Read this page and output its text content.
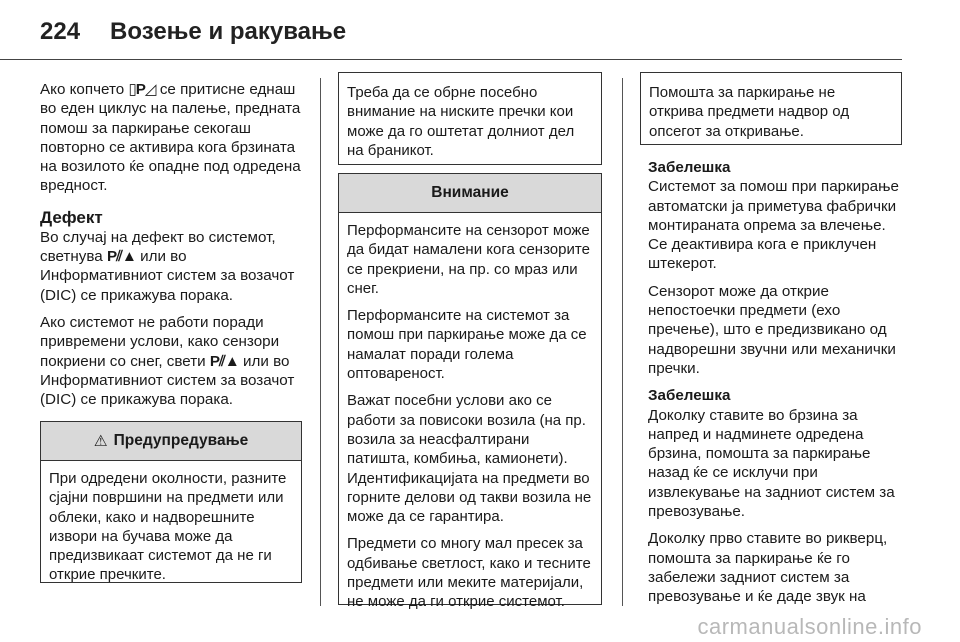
224 Возење и ракување

Ако копчето ▯P◿ се притисне еднаш во еден циклус на палење, предната помош за паркирање секогаш повторно се активира кога брзината на возилото ќе опадне под одредена вредност.

Дефект

Во случај на дефект во системот, светнува P⫽▲ или во Информативниот систем за возачот (DIC) се прикажува порака.

Ако системот не работи поради привремени услови, како сензори покриени со снег, свети P⫽▲ или во Информативниот систем за возачот (DIC) се прикажува порака.

⚠ Предупредување

При одредени околности, разните сјајни површини на предмети или облеки, како и надворешните извори на бучава може да предизвикаат системот да не ги открие пречките.

Треба да се обрне посебно внимание на ниските пречки кои може да го оштетат долниот дел на браникот.

Внимание

Перформансите на сензорот може да бидат намалени кога сензорите се прекриени, на пр. со мраз или снег.

Перформансите на системот за помош при паркирање може да се намалат поради голема оптовареност.

Важат посебни услови ако се работи за повисоки возила (на пр. возила за неасфалтирани патишта, комбиња, камионети). Идентификацијата на предмети во горните делови од такви возила не може да се гарантира.

Предмети со многу мал пресек за одбивање светлост, како и тесните предмети или меките материјали, не може да ги открие системот.

Помошта за паркирање не открива предмети надвор од опсегот за откривање.

Забелешка

Системот за помош при паркирање автоматски ја приметува фабрички монтираната опрема за влечење. Се деактивира кога е приклучен штекерот.

Сензорот може да открие непостоечки предмети (ехо пречење), што е предизвикано од надворешни звучни или механички пречки.

Забелешка

Доколку ставите во брзина за напред и надминете одредена брзина, помошта за паркирање назад ќе се исклучи при извлекување на задниот систем за превозување.

Доколку прво ставите во рикверц, помошта за паркирање ќе го забележи задниот систем за превозување и ќе даде звук на

carmanualsonline.info
